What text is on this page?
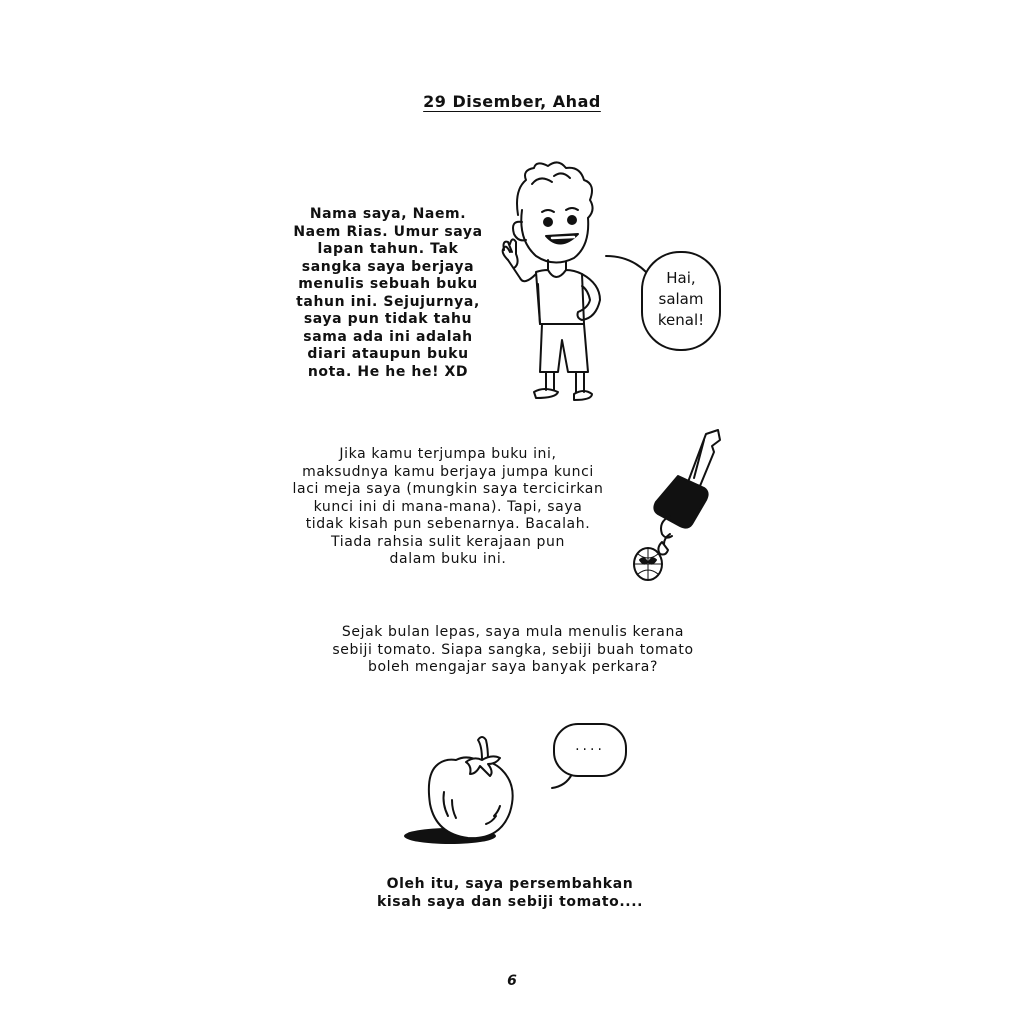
29 Disember, Ahad
Nama saya, Naem.
Naem Rias. Umur saya
lapan tahun. Tak
sangka saya berjaya
menulis sebuah buku
tahun ini. Sejujurnya,
saya pun tidak tahu
sama ada ini adalah
diari ataupun buku
nota. He he he! XD
Hai,
salam
kenal!
Jika kamu terjumpa buku ini,
maksudnya kamu berjaya jumpa kunci
laci meja saya (mungkin saya tercicirkan
kunci ini di mana-mana). Tapi, saya
tidak kisah pun sebenarnya. Bacalah.
Tiada rahsia sulit kerajaan pun
dalam buku ini.
Sejak bulan lepas, saya mula menulis kerana
sebiji tomato. Siapa sangka, sebiji buah tomato
boleh mengajar saya banyak perkara?
....
Oleh itu, saya persembahkan
kisah saya dan sebiji tomato....
6
